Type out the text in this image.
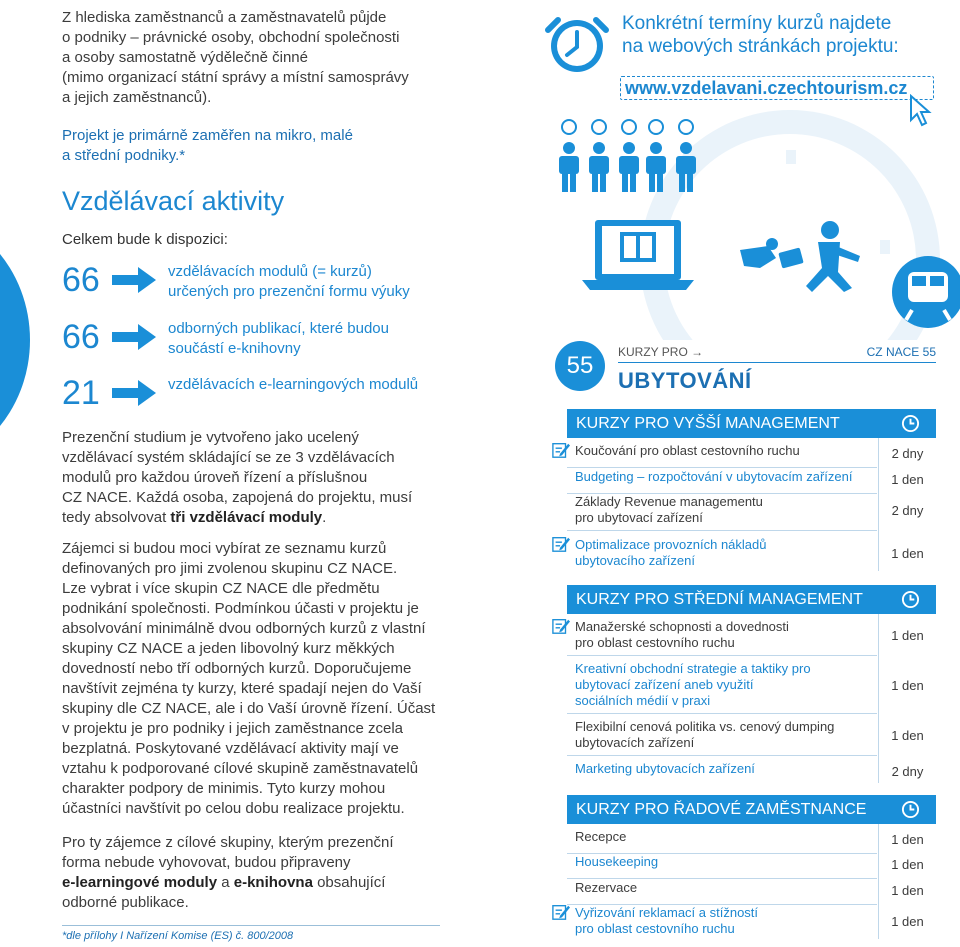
Z hlediska zaměstnanců a zaměstnavatelů půjde
o podniky – právnické osoby, obchodní společnosti
a osoby samostatně výdělečně činné
(mimo organizací státní správy a místní samosprávy
a jejich zaměstnanců).
Projekt je primárně zaměřen na mikro, malé
a střední podniky.*
Vzdělávací aktivity
Celkem bude k dispozici:
66	vzdělávacích modulů (= kurzů)
určených pro prezenční formu výuky
66	odborných publikací, které budou
součástí e-knihovny
21	vzdělávacích e-learningových modulů
Prezenční studium je vytvořeno jako ucelený
vzdělávací systém skládající se ze 3 vzdělávacích
modulů pro každou úroveň řízení a příslušnou
CZ NACE. Každá osoba, zapojená do projektu, musí
tedy absolvovat tři vzdělávací moduly.
Zájemci si budou moci vybírat ze seznamu kurzů
definovaných pro jimi zvolenou skupinu CZ NACE.
Lze vybrat i více skupin CZ NACE dle předmětu
podnikání společnosti. Podmínkou účasti v projektu je
absolvování minimálně dvou odborných kurzů z vlastní
skupiny CZ NACE a jeden libovolný kurz měkkých
dovedností nebo tří odborných kurzů. Doporučujeme
navštívit zejména ty kurzy, které spadají nejen do Vaší
skupiny dle CZ NACE, ale i do Vaší úrovně řízení. Účast
v projektu je pro podniky i jejich zaměstnance zcela
bezplatná. Poskytované vzdělávací aktivity mají ve
vztahu k podporované cílové skupině zaměstnavatelů
charakter podpory de minimis. Tyto kurzy mohou
účastníci navštívit po celou dobu realizace projektu.
Pro ty zájemce z cílové skupiny, kterým prezenční
forma nebude vyhovovat, budou připraveny
e-learningové moduly a e-knihovna obsahující
odborné publikace.
*dle přílohy I Nařízení Komise (ES) č. 800/2008
Konkrétní termíny kurzů najdete
na webových stránkách projektu:
www.vzdelavani.czechtourism.cz
55	KURZY PRO →	CZ NACE 55
UBYTOVÁNÍ
KURZY PRO VYŠŠÍ MANAGEMENT
Koučování pro oblast cestovního ruchu	2 dny
Budgeting – rozpočtování v ubytovacím zařízení	1 den
Základy Revenue managementu
pro ubytovací zařízení	2 dny
Optimalizace provozních nákladů
ubytovacího zařízení	1 den
KURZY PRO STŘEDNÍ MANAGEMENT
Manažerské schopnosti a dovednosti
pro oblast cestovního ruchu	1 den
Kreativní obchodní strategie a taktiky pro
ubytovací zařízení aneb využití
sociálních médií v praxi
1 den
Flexibilní cenová politika vs. cenový dumping
ubytovacích zařízení	1 den
Marketing ubytovacích zařízení	2 dny
KURZY PRO ŘADOVÉ ZAMĚSTNANCE
Recepce	1 den
Housekeeping	1 den
Rezervace	1 den
Vyřizování reklamací a stížností
pro oblast cestovního ruchu	1 den
